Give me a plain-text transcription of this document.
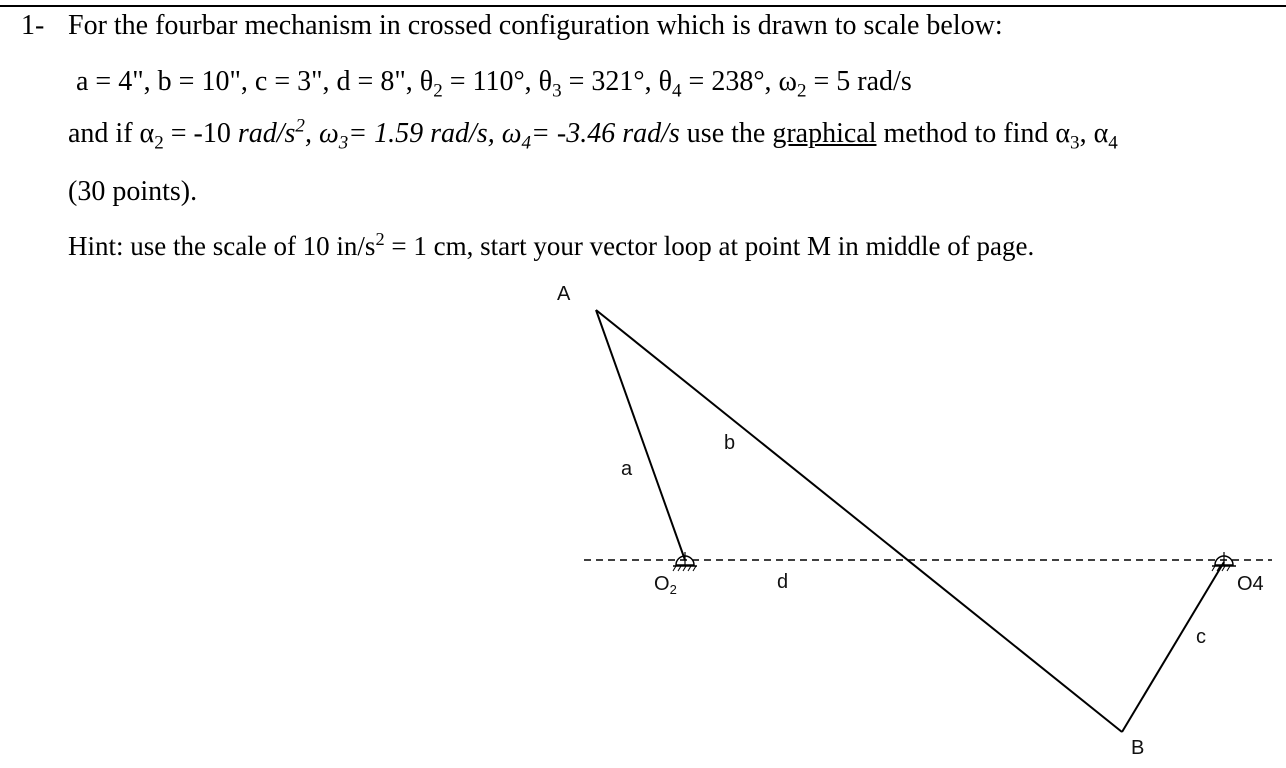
1- For the fourbar mechanism in crossed configuration which is drawn to scale below:
a = 4", b = 10", c = 3", d = 8", $\theta_2 = 110^\circ$, $\theta_3 = 321^\circ$, $\theta_4 = 238^\circ$, $\omega_2 = 5$ rad/s
and if $\alpha_2 = -10$ rad/$s^2$, $\omega_3= 1.59$ rad/s, $\omega_4= -3.46$ rad/s use the graphical method to find $\alpha_3$, $\alpha_4$
(30 points).
Hint: use the scale of 10 $in/s^2 = 1$ cm, start your vector loop at point M in middle of page.
A
a
b
d
c
B
$O_2$	O4
